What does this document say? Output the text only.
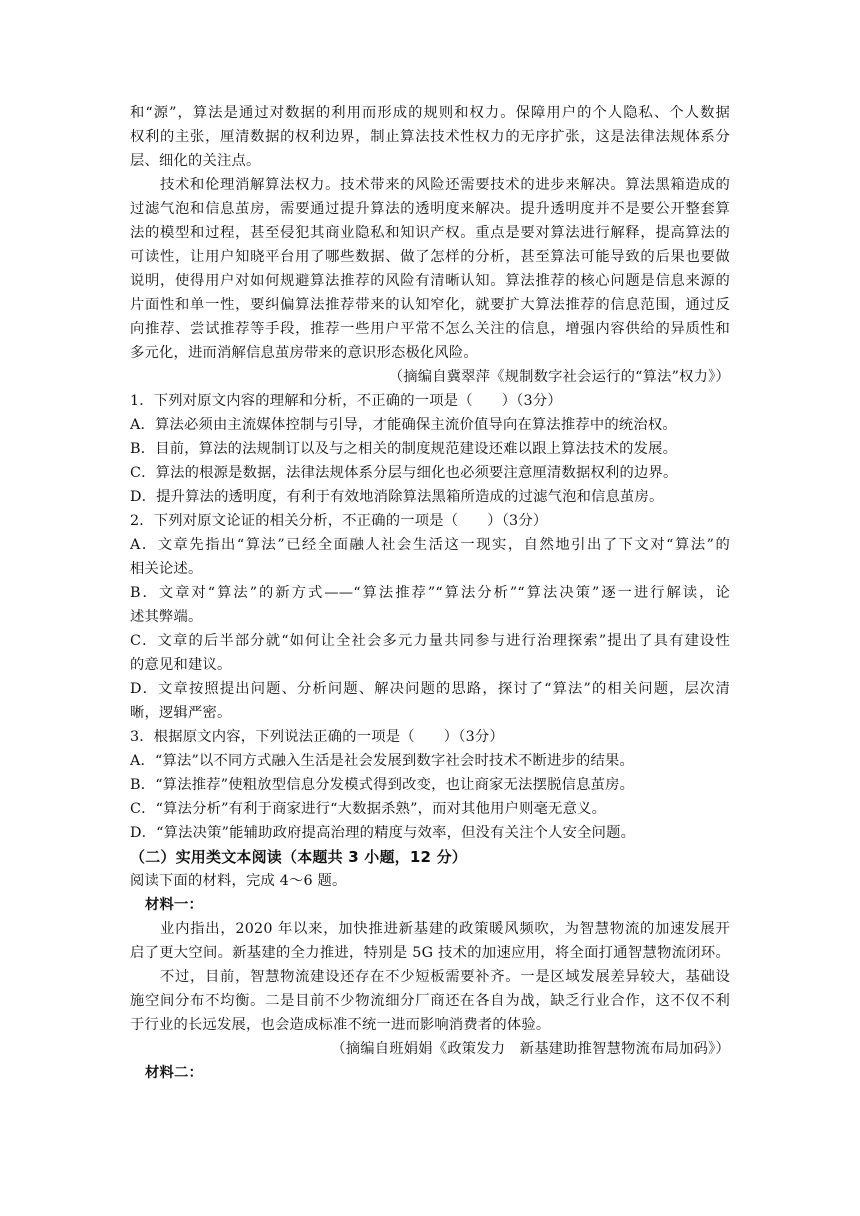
和“源”，算法是通过对数据的利用而形成的规则和权力。保障用户的个人隐私、个人数据
权利的主张，厘清数据的权利边界，制止算法技术性权力的无序扩张，这是法律法规体系分
层、细化的关注点。
技术和伦理消解算法权力。技术带来的风险还需要技术的进步来解决。算法黑箱造成的
过滤气泡和信息茧房，需要通过提升算法的透明度来解决。提升透明度并不是要公开整套算
法的模型和过程，甚至侵犯其商业隐私和知识产权。重点是要对算法进行解释，提高算法的
可读性，让用户知晓平台用了哪些数据、做了怎样的分析，甚至算法可能导致的后果也要做
说明，使得用户对如何规避算法推荐的风险有清晰认知。算法推荐的核心问题是信息来源的
片面性和单一性，要纠偏算法推荐带来的认知窄化，就要扩大算法推荐的信息范围，通过反
向推荐、尝试推荐等手段，推荐一些用户平常不怎么关注的信息，增强内容供给的异质性和
多元化，进而消解信息茧房带来的意识形态极化风险。
（摘编自冀翠萍《规制数字社会运行的“算法”权力》）
1．下列对原文内容的理解和分析，不正确的一项是（　　）（3分）
A．算法必须由主流媒体控制与引导，才能确保主流价值导向在算法推荐中的统治权。
B．目前，算法的法规制订以及与之相关的制度规范建设还难以跟上算法技术的发展。
C．算法的根源是数据，法律法规体系分层与细化也必须要注意厘清数据权利的边界。
D．提升算法的透明度，有利于有效地消除算法黑箱所造成的过滤气泡和信息茧房。
2．下列对原文论证的相关分析，不正确的一项是（　　）（3分）
A．文章先指出“算法”已经全面融人社会生活这一现实，自然地引出了下文对“算法”的
相关论述。
B．文章对“算法”的新方式——“算法推荐”“算法分析”“算法决策”逐一进行解读，论
述其弊端。
C．文章的后半部分就“如何让全社会多元力量共同参与进行治理探索”提出了具有建设性
的意见和建议。
D．文章按照提出问题、分析问题、解决问题的思路，探讨了“算法”的相关问题，层次清
晰，逻辑严密。
3．根据原文内容，下列说法正确的一项是（　　）（3分）
A．“算法”以不同方式融入生活是社会发展到数字社会时技术不断进步的结果。
B．“算法推荐”使粗放型信息分发模式得到改变，也让商家无法摆脱信息茧房。
C．“算法分析”有利于商家进行“大数据杀熟”，而对其他用户则毫无意义。
D．“算法决策”能辅助政府提高治理的精度与效率，但没有关注个人安全问题。
（二）实用类文本阅读（本题共 3 小题，12 分）
阅读下面的材料，完成 4～6 题。
材料一：
业内指出，2020 年以来，加快推进新基建的政策暖风频吹，为智慧物流的加速发展开
启了更大空间。新基建的全力推进，特别是 5G 技术的加速应用，将全面打通智慧物流闭环。
不过，目前，智慧物流建设还存在不少短板需要补齐。一是区域发展差异较大，基础设
施空间分布不均衡。二是目前不少物流细分厂商还在各自为战，缺乏行业合作，这不仅不利
于行业的长远发展，也会造成标准不统一进而影响消费者的体验。
（摘编自班娟娟《政策发力　新基建助推智慧物流布局加码》）
材料二：
